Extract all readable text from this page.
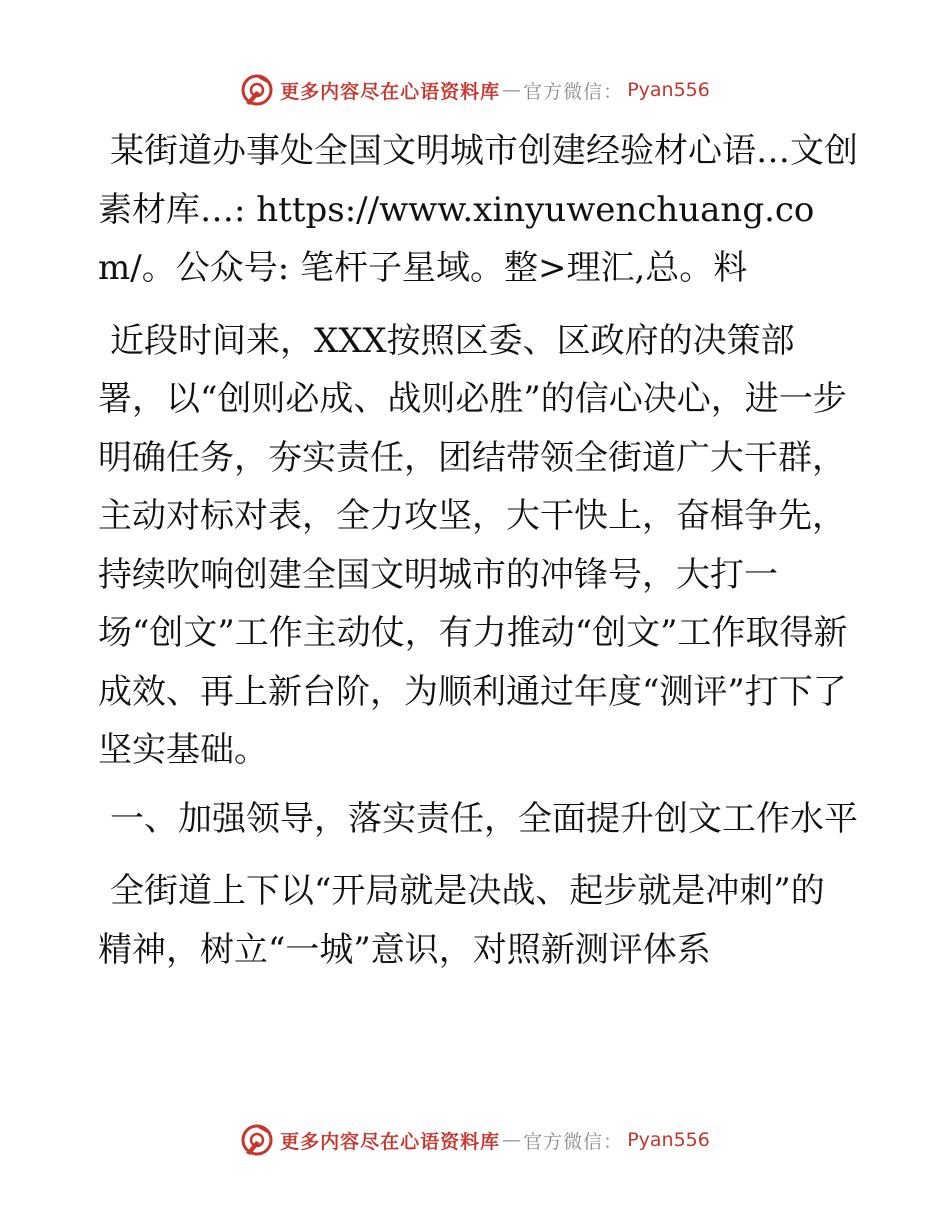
更多内容尽在心语资料库 — 官方微信： Pyan556

某街道办事处全国文明城市创建经验材心语…文创素材库…: https://www.xinyuwenchuang.com/。公众号: 笔杆子星域。整>理汇,总。料

近段时间来，XXX按照区委、区政府的决策部署，以“创则必成、战则必胜”的信心决心，进一步明确任务，夯实责任，团结带领全街道广大干群，主动对标对表，全力攻坚，大干快上，奋楫争先，持续吹响创建全国文明城市的冲锋号，大打一场“创文”工作主动仗，有力推动“创文”工作取得新成效、再上新台阶，为顺利通过年度“测评”打下了坚实基础。

一、加强领导，落实责任，全面提升创文工作水平

全街道上下以“开局就是决战、起步就是冲刺”的精神，树立“一城”意识，对照新测评体系

更多内容尽在心语资料库 — 官方微信： Pyan556
